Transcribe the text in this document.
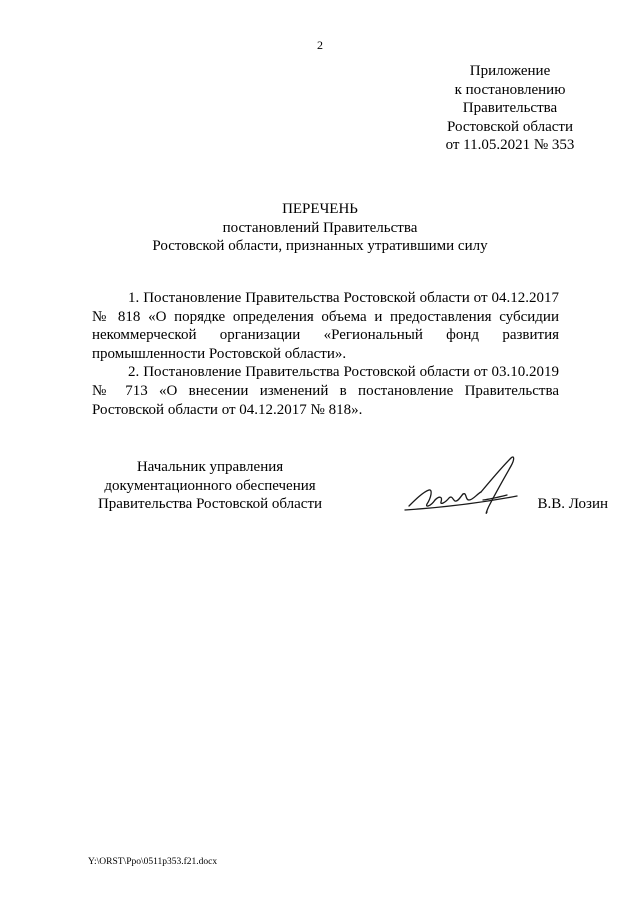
2
Приложение
к постановлению
Правительства
Ростовской области
от 11.05.2021 № 353
ПЕРЕЧЕНЬ
постановлений Правительства
Ростовской области, признанных утратившими силу

1. Постановление Правительства Ростовской области от 04.12.2017 № 818 «О порядке определения объема и предоставления субсидии некоммерческой организации «Региональный фонд развития промышленности Ростовской области».

2. Постановление Правительства Ростовской области от 03.10.2019 № 713 «О внесении изменений в постановление Правительства Ростовской области от 04.12.2017 № 818».

Начальник управления
документационного обеспечения
Правительства Ростовской области	В.В. Лозин
Y:\ORST\Ppo\0511p353.f21.docx
